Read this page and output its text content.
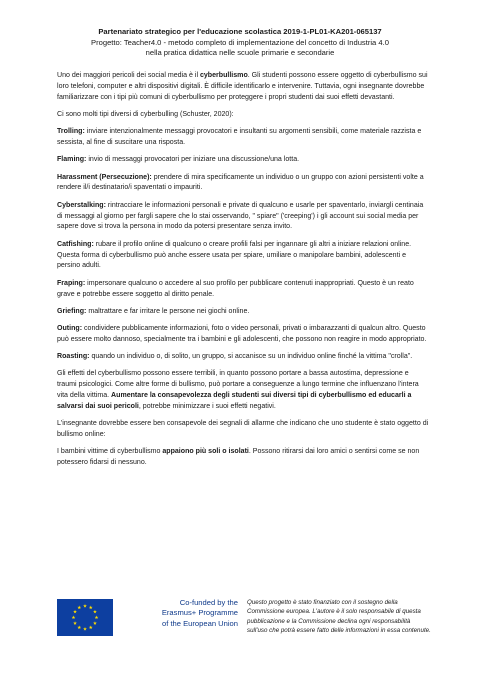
Partenariato strategico per l'educazione scolastica 2019-1-PL01-KA201-065137
Progetto: Teacher4.0 - metodo completo di implementazione del concetto di Industria 4.0
nella pratica didattica nelle scuole primarie e secondarie

Uno dei maggiori pericoli dei social media è il cyberbullismo. Gli studenti possono essere oggetto di cyberbullismo sui loro telefoni, computer e altri dispositivi digitali. È difficile identificarlo e intervenire. Tuttavia, ogni insegnante dovrebbe familiarizzare con i tipi più comuni di cyberbullismo per proteggere i propri studenti dai suoi effetti devastanti.

Ci sono molti tipi diversi di cyberbulling (Schuster, 2020):

Trolling: inviare intenzionalmente messaggi provocatori e insultanti su argomenti sensibili, come materiale razzista e sessista, al fine di suscitare una risposta.

Flaming: invio di messaggi provocatori per iniziare una discussione/una lotta.

Harassment (Persecuzione): prendere di mira specificamente un individuo o un gruppo con azioni persistenti volte a rendere il/i destinatario/i spaventati o impauriti.

Cyberstalking: rintracciare le informazioni personali e private di qualcuno e usarle per spaventarlo, inviargli centinaia di messaggi al giorno per fargli sapere che lo stai osservando, " spiare" ('creeping') i gli account sui social media per sapere dove si trova la persona in modo da potersi presentare senza invito.

Catfishing: rubare il profilo online di qualcuno o creare profili falsi per ingannare gli altri a iniziare relazioni online. Questa forma di cyberbullismo può anche essere usata per spiare, umiliare o manipolare bambini, adolescenti e persino adulti.

Fraping: impersonare qualcuno o accedere al suo profilo per pubblicare contenuti inappropriati. Questo è un reato grave e potrebbe essere soggetto al diritto penale.

Griefing: maltrattare e far irritare le persone nei giochi online.

Outing: condividere pubblicamente informazioni, foto o video personali, privati o imbarazzanti di qualcun altro. Questo può essere molto dannoso, specialmente tra i bambini e gli adolescenti, che possono non reagire in modo appropriato.

Roasting: quando un individuo o, di solito, un gruppo, si accanisce su un individuo online finché la vittima "crolla".

Gli effetti del cyberbullismo possono essere terribili, in quanto possono portare a bassa autostima, depressione e traumi psicologici. Come altre forme di bullismo, può portare a conseguenze a lungo termine che influenzano l'intera vita della vittima. Aumentare la consapevolezza degli studenti sui diversi tipi di cyberbullismo ed educarli a salvarsi dai suoi pericoli, potrebbe minimizzare i suoi effetti negativi.

L'insegnante dovrebbe essere ben consapevole dei segnali di allarme che indicano che uno studente è stato oggetto di bullismo online:

I bambini vittime di cyberbullismo appaiono più soli o isolati. Possono ritirarsi dai loro amici o sentirsi come se non potessero fidarsi di nessuno.

Co-funded by the
Erasmus+ Programme
of the European Union
Questo progetto è stato finanziato con il sostegno della Commissione europea. L'autore è il solo responsabile di questa pubblicazione e la Commissione declina ogni responsabilità sull'uso che potrà essere fatto delle informazioni in essa contenute.
